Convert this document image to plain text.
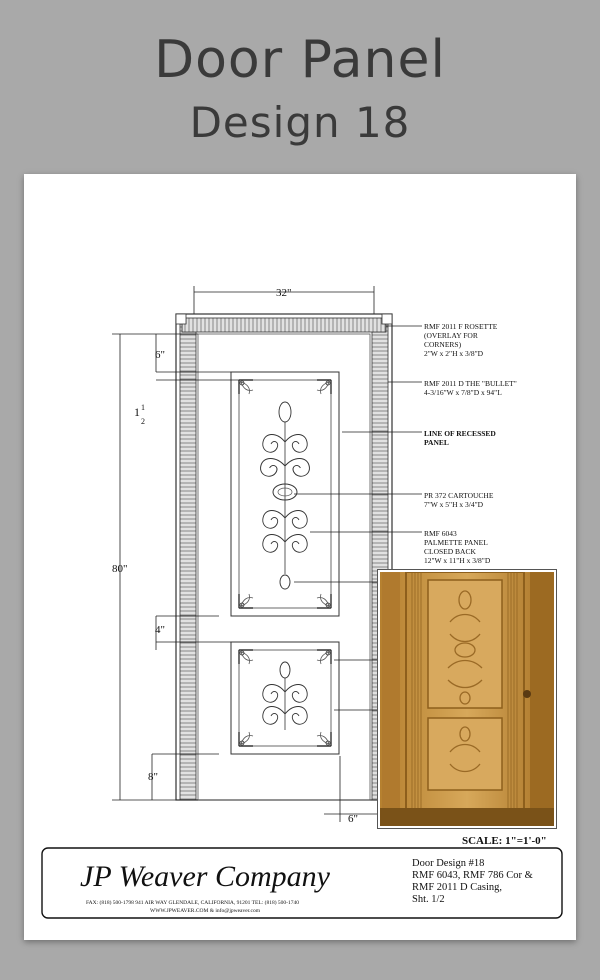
Door Panel
Design 18
32"
80"
6"
1 1
2
4"
8"
6"
RMF 2011 F ROSETTE
(OVERLAY FOR
CORNERS)
2"W x 2"H x 3/8"D
RMF 2011 D THE "BULLET"
4-3/16"W x 7/8"D x 94"L
LINE OF RECESSED
PANEL
PR 372 CARTOUCHE
7"W x 5"H x 3/4"D
RMF 6043
PALMETTE PANEL
CLOSED BACK
12"W x 11"H x 3/8"D
SCALE: 1"=1'-0"
JP Weaver Company
FAX: (818) 500-1798 941 AIR WAY GLENDALE, CALIFORNIA, 91201 TEL: (818) 500-1740
WWW.JPWEAVER.COM & info@jpweaver.com
Door Design #18
RMF 6043, RMF 786 Cor &
RMF 2011 D Casing,
Sht. 1/2
